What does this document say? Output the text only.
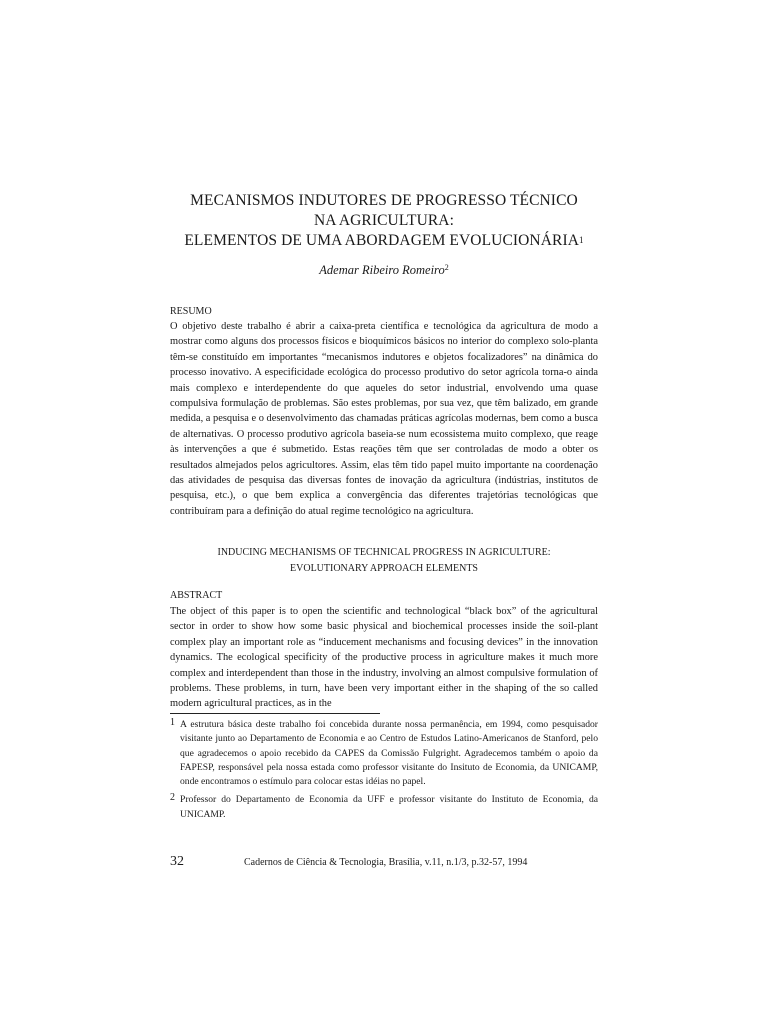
MECANISMOS INDUTORES DE PROGRESSO TÉCNICO
NA AGRICULTURA:
ELEMENTOS DE UMA ABORDAGEM EVOLUCIONÁRIA$^1$
Ademar Ribeiro Romeiro$^2$
RESUMO

O objetivo deste trabalho é abrir a caixa-preta científica e tecnológica da agricultura de modo a mostrar como alguns dos processos físicos e bioquímicos básicos no interior do complexo solo-planta têm-se constituído em importantes “mecanismos indutores e objetos focalizadores” na dinâmica do processo inovativo. A especificidade ecológica do processo produtivo do setor agrícola torna-o ainda mais complexo e interdependente do que aqueles do setor industrial, envolvendo uma quase compulsiva formulação de problemas. São estes problemas, por sua vez, que têm balizado, em grande medida, a pesquisa e o desenvolvimento das chamadas práticas agrícolas modernas, bem como a busca de alternativas. O processo produtivo agrícola baseia-se num ecossistema muito complexo, que reage às intervenções a que é submetido. Estas reações têm que ser controladas de modo a obter os resultados almejados pelos agricultores. Assim, elas têm tido papel muito importante na coordenação das atividades de pesquisa das diversas fontes de inovação da agricultura (indústrias, institutos de pesquisa, etc.), o que bem explica a convergência das diferentes trajetórias tecnológicas que contribuíram para a definição do atual regime tecnológico na agricultura.

INDUCING MECHANISMS OF TECHNICAL PROGRESS IN AGRICULTURE:
EVOLUTIONARY APPROACH ELEMENTS
ABSTRACT

The object of this paper is to open the scientific and technological “black box” of the agricultural sector in order to show how some basic physical and biochemical processes inside the soil-plant complex play an important role as “inducement mechanisms and focusing devices” in the innovation dynamics. The ecological specificity of the productive process in agriculture makes it much more complex and interdependent than those in the industry, involving an almost compulsive formulation of problems. These problems, in turn, have been very important either in the shaping of the so called modern agricultural practices, as in the

1 A estrutura básica deste trabalho foi concebida durante nossa permanência, em 1994, como pesquisador visitante junto ao Departamento de Economia e ao Centro de Estudos Latino-Americanos de Stanford, pelo que agradecemos o apoio recebido da CAPES da Comissão Fulgright. Agradecemos também o apoio da FAPESP, responsável pela nossa estada como professor visitante do Insituto de Economia, da UNICAMP, onde encontramos o estímulo para colocar estas idéias no papel.

2 Professor do Departamento de Economia da UFF e professor visitante do Instituto de Economia, da UNICAMP.

32	Cadernos de Ciência & Tecnologia, Brasília, v.11, n.1/3, p.32-57, 1994
